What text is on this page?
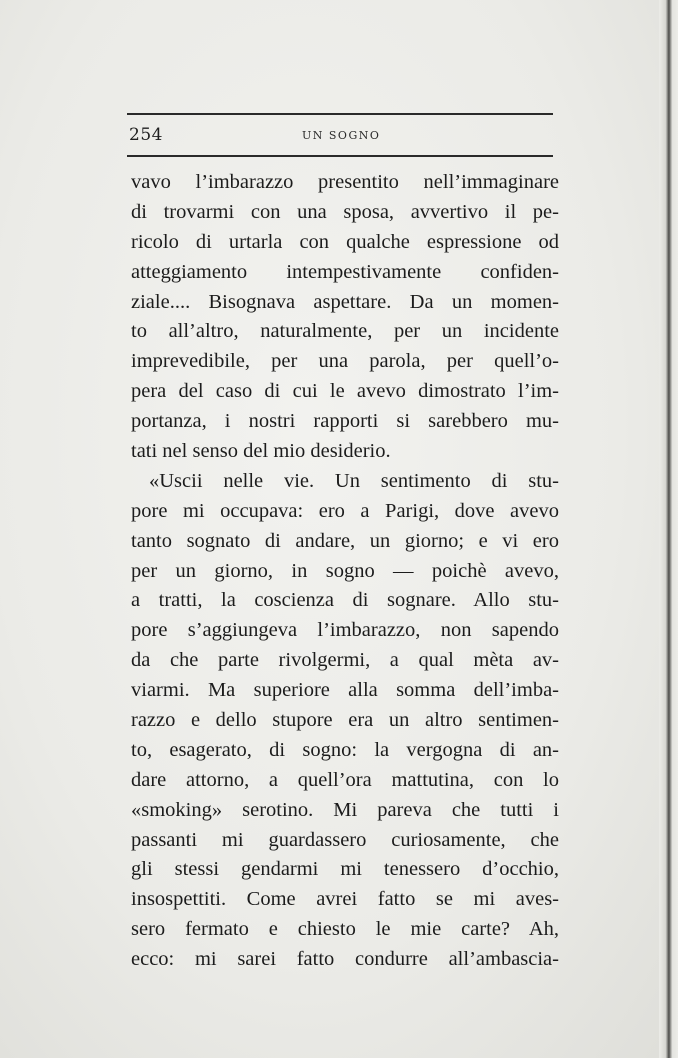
254	UN SOGNO
vavo l’imbarazzo presentito nell’immaginare
di trovarmi con una sposa, avvertivo il pe-
ricolo di urtarla con qualche espressione od
atteggiamento intempestivamente confiden-
ziale.... Bisognava aspettare. Da un momen-
to all’altro, naturalmente, per un incidente
imprevedibile, per una parola, per quell’o-
pera del caso di cui le avevo dimostrato l’im-
portanza, i nostri rapporti si sarebbero mu-
tati nel senso del mio desiderio.
«Uscii nelle vie. Un sentimento di stu-
pore mi occupava: ero a Parigi, dove avevo
tanto sognato di andare, un giorno; e vi ero
per un giorno, in sogno — poichè avevo,
a tratti, la coscienza di sognare. Allo stu-
pore s’aggiungeva l’imbarazzo, non sapendo
da che parte rivolgermi, a qual mèta av-
viarmi. Ma superiore alla somma dell’imba-
razzo e dello stupore era un altro sentimen-
to, esagerato, di sogno: la vergogna di an-
dare attorno, a quell’ora mattutina, con lo
«smoking» serotino. Mi pareva che tutti i
passanti mi guardassero curiosamente, che
gli stessi gendarmi mi tenessero d’occhio,
insospettiti. Come avrei fatto se mi aves-
sero fermato e chiesto le mie carte? Ah,
ecco: mi sarei fatto condurre all’ambascia-
